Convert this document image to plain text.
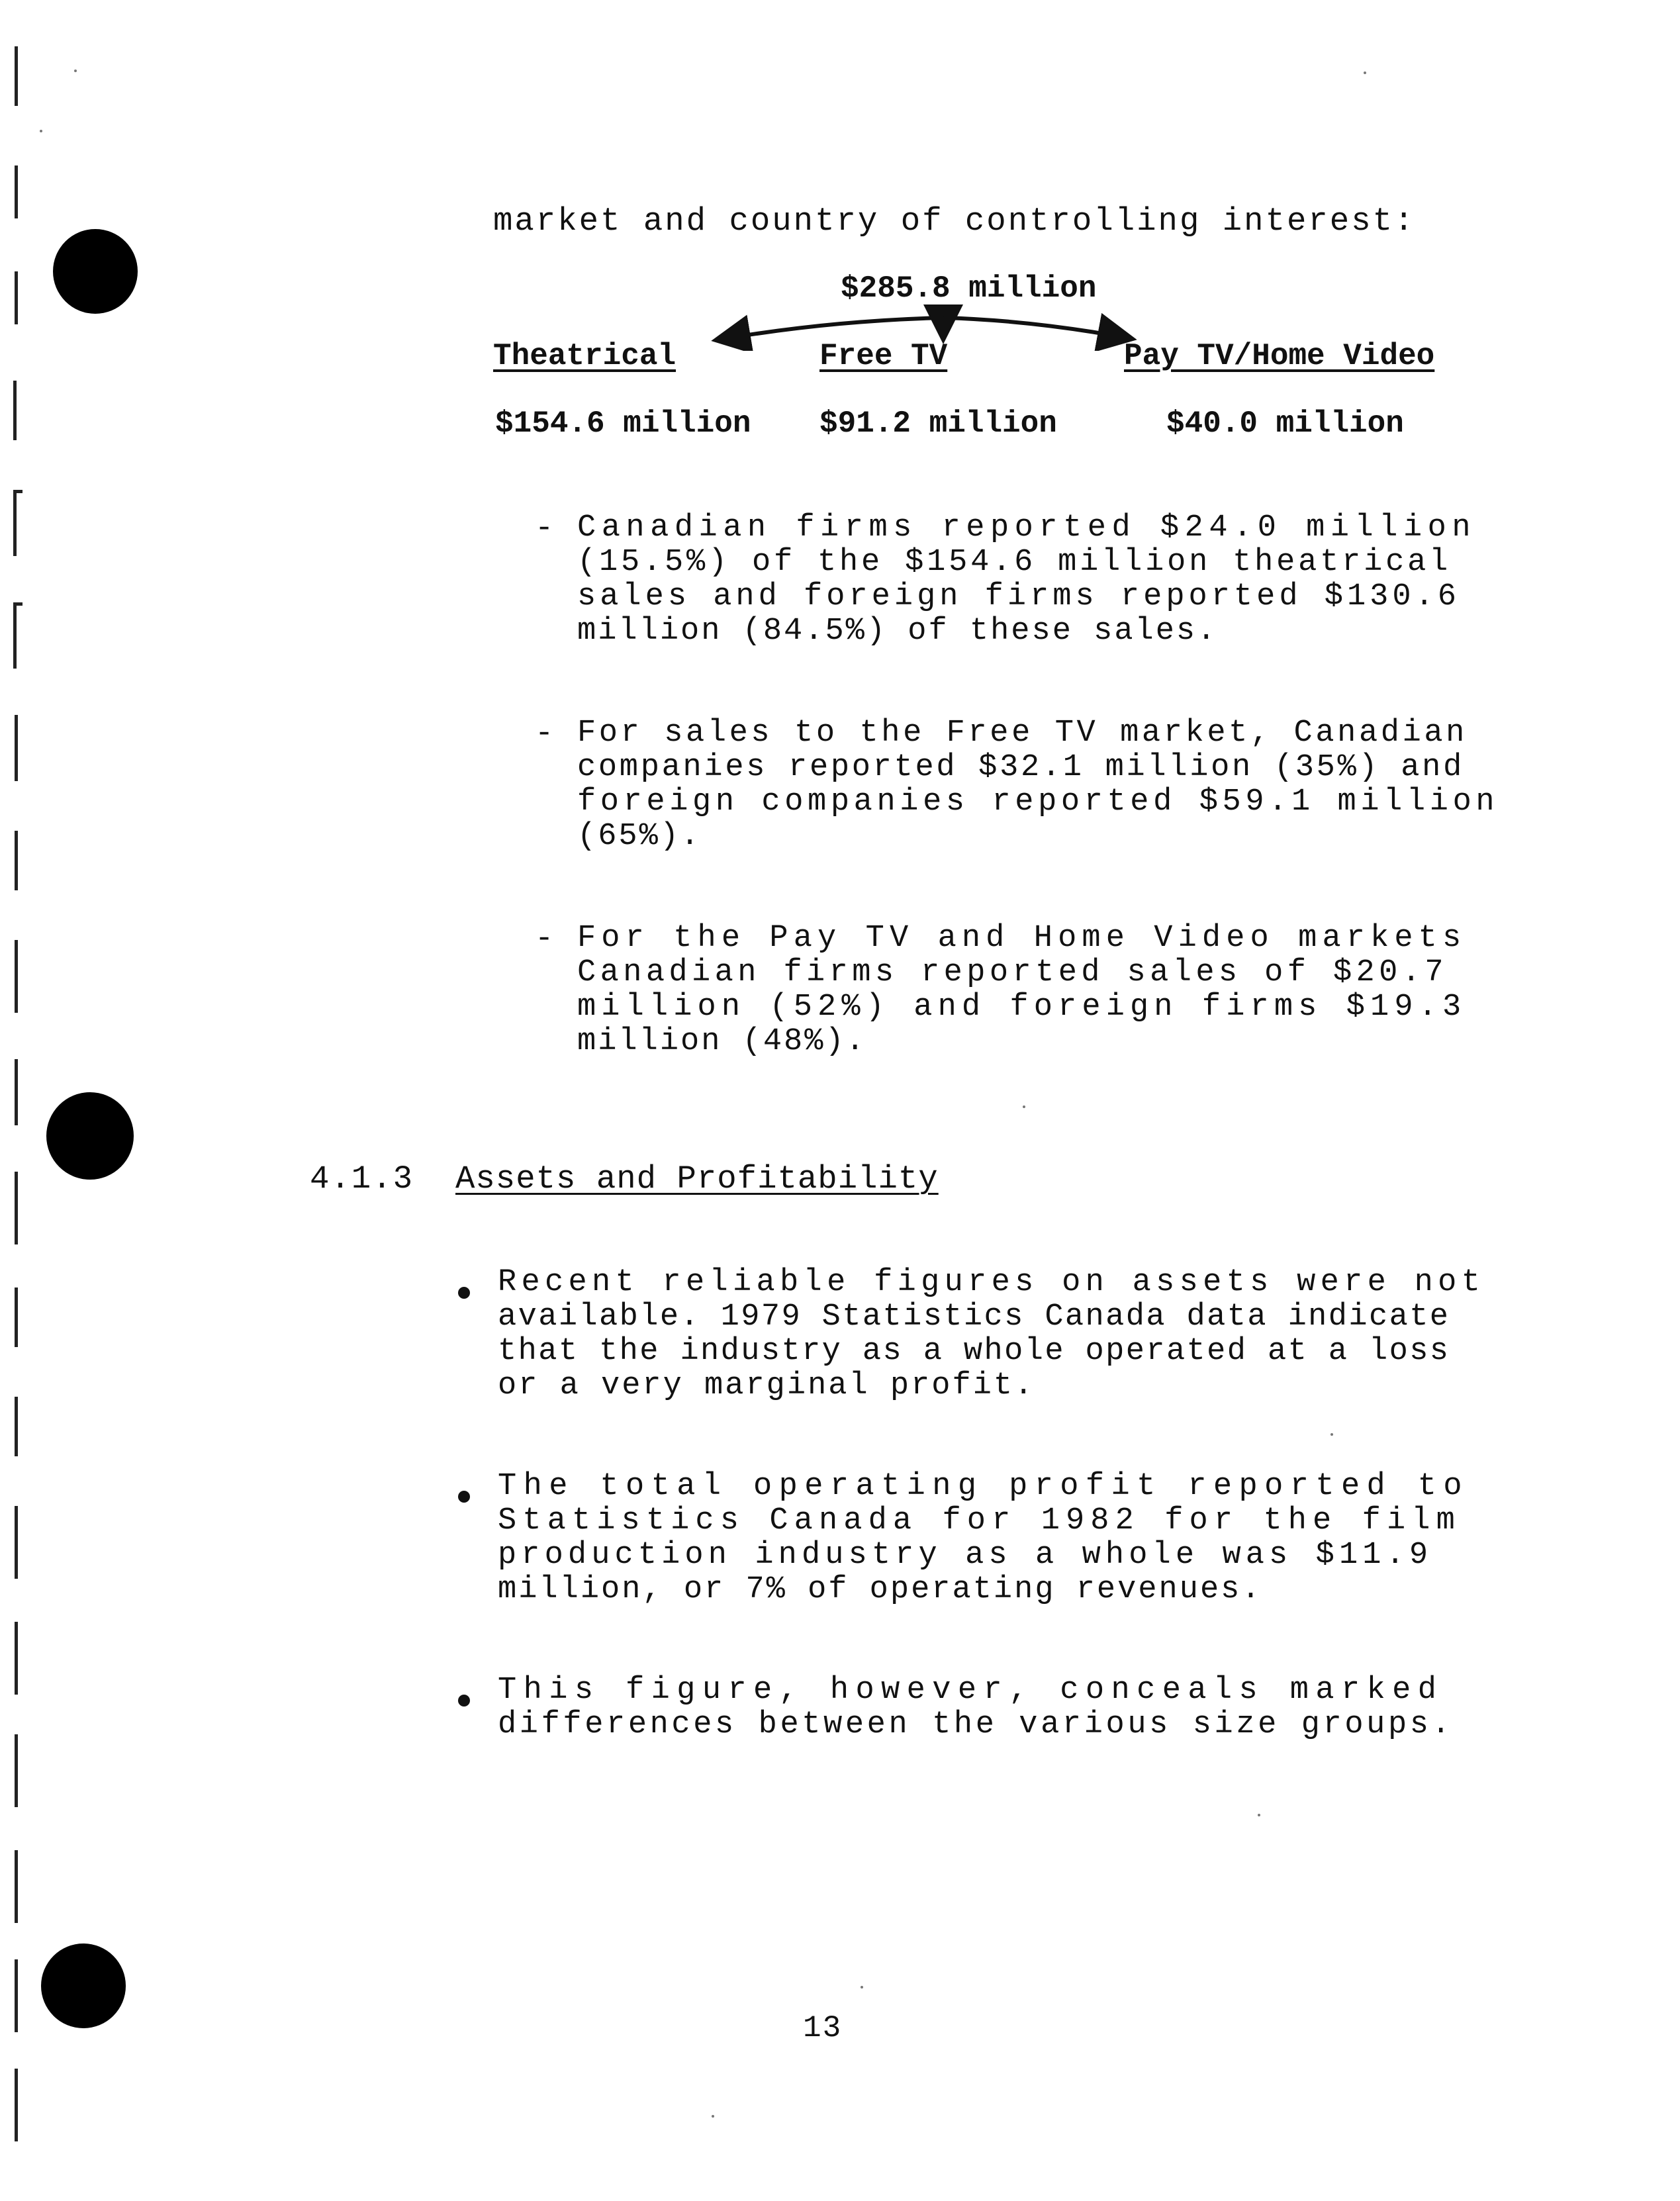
market and country of controlling interest:
$285.8 million
Theatrical	Free TV	Pay TV/Home Video
$154.6 million $91.2 million	$40.0 million
- Canadian firms reported $24.0 million
(15.5%) of the $154.6 million theatrical
sales and foreign firms reported $130.6
million (84.5%) of these sales.
- For sales to the Free TV market, Canadian
companies reported $32.1 million (35%) and
foreign companies reported $59.1 million
(65%).
- For the Pay TV and Home Video markets
Canadian firms reported sales of $20.7
million (52%) and foreign firms $19.3
million (48%).
4.1.3 Assets and Profitability
Recent reliable figures on assets were not
available. 1979 Statistics Canada data indicate
that the industry as a whole operated at a loss
or a very marginal profit.
The total operating profit reported to
Statistics Canada for 1982 for the film
production industry as a whole was $11.9
million, or 7% of operating revenues.
This figure, however, conceals marked
differences between the various size groups.
13
